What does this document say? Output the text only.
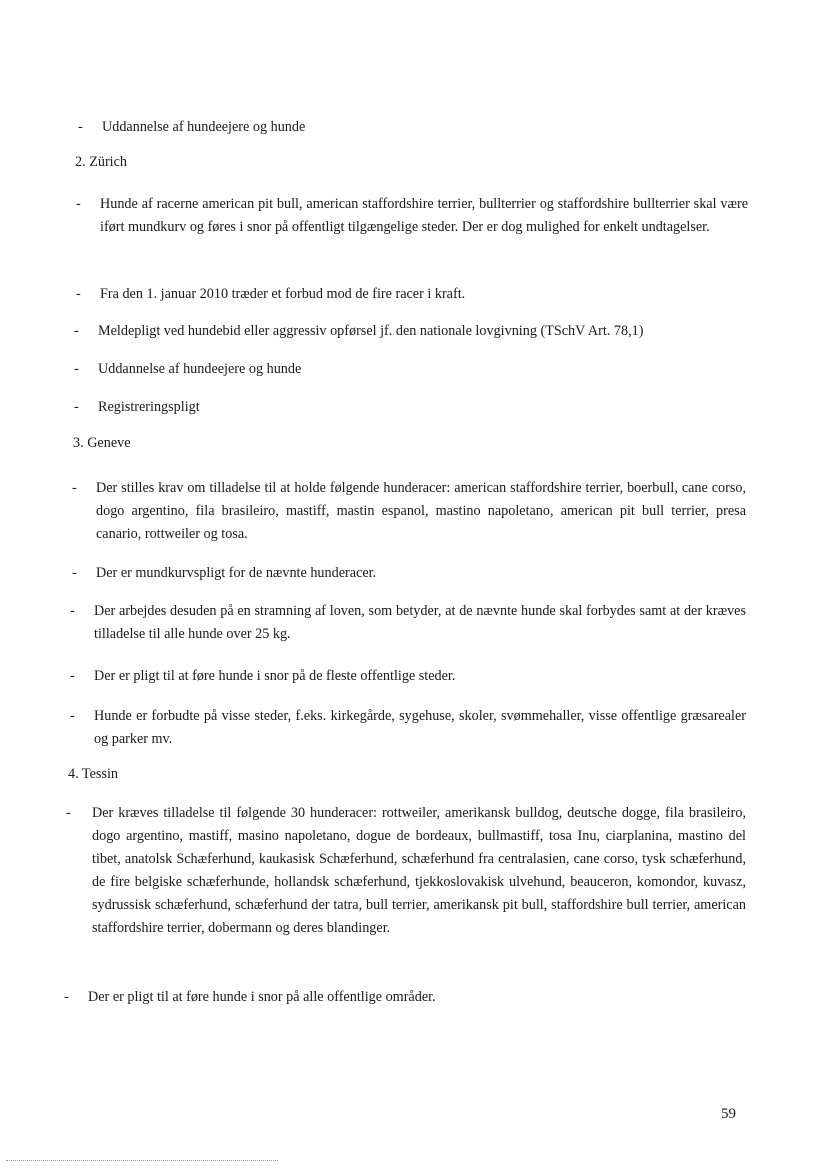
- Uddannelse af hundeejere og hunde
2. Zürich
- Hunde af racerne american pit bull, american staffordshire terrier, bullterrier og staffordshire bullterrier skal være iført mundkurv og føres i snor på offentligt tilgængelige steder. Der er dog mulighed for enkelt undtagelser.
- Fra den 1. januar 2010 træder et forbud mod de fire racer i kraft.
- Meldepligt ved hundebid eller aggressiv opførsel jf. den nationale lovgivning (TSchV Art. 78,1)
- Uddannelse af hundeejere og hunde
- Registreringspligt
3. Geneve
- Der stilles krav om tilladelse til at holde følgende hunderacer: american staffordshire terrier, boerbull, cane corso, dogo argentino, fila brasileiro, mastiff, mastin espanol, mastino napoletano, american pit bull terrier, presa canario, rottweiler og tosa.
- Der er mundkurvspligt for de nævnte hunderacer.
- Der arbejdes desuden på en stramning af loven, som betyder, at de nævnte hunde skal forbydes samt at der kræves tilladelse til alle hunde over 25 kg.
- Der er pligt til at føre hunde i snor på de fleste offentlige steder.
- Hunde er forbudte på visse steder, f.eks. kirkegårde, sygehuse, skoler, svømmehaller, visse offentlige græsarealer og parker mv.
4. Tessin
- Der kræves tilladelse til følgende 30 hunderacer: rottweiler, amerikansk bulldog, deutsche dogge, fila brasileiro, dogo argentino, mastiff, masino napoletano, dogue de bordeaux, bullmastiff, tosa Inu, ciarplanina, mastino del tibet, anatolsk Schæferhund, kaukasisk Schæferhund, schæferhund fra centralasien, cane corso, tysk schæferhund, de fire belgiske schæferhunde, hollandsk schæferhund, tjekkoslovakisk ulvehund, beauceron, komondor, kuvasz, sydrussisk schæferhund, schæferhund der tatra, bull terrier, amerikansk pit bull, staffordshire bull terrier, american staffordshire terrier, dobermann og deres blandinger.
- Der er pligt til at føre hunde i snor på alle offentlige områder.
59
